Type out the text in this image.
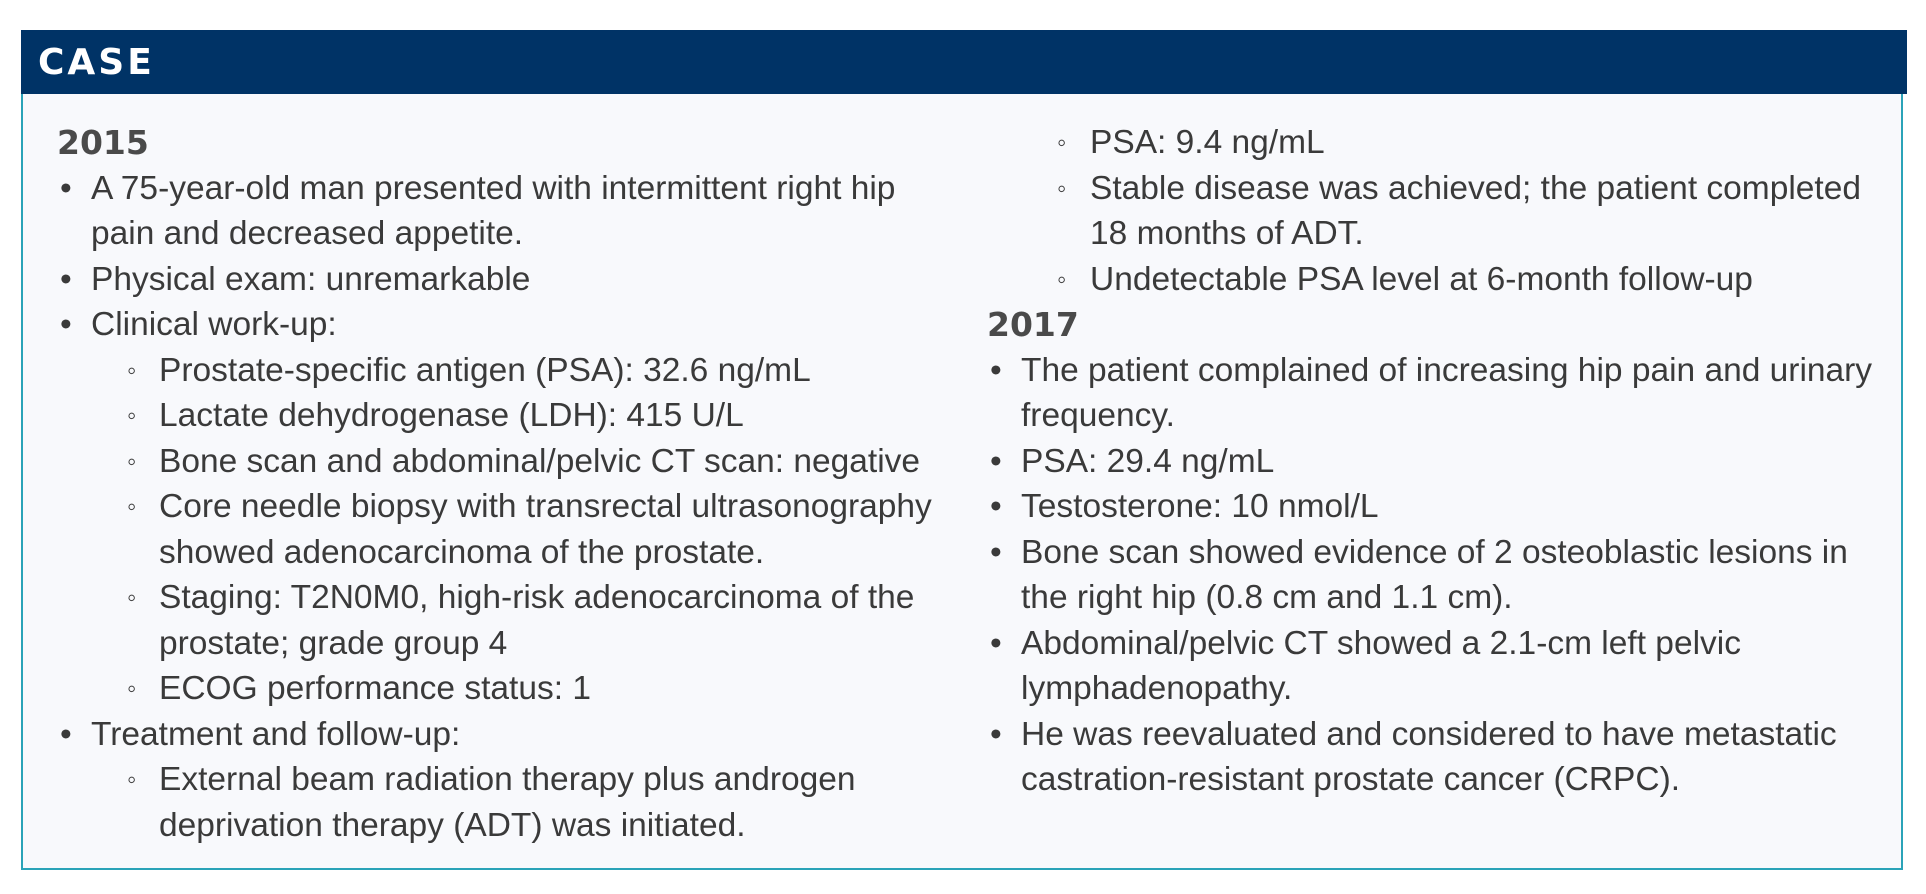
CASE
2015
• A 75-year-old man presented with intermittent right hip pain and decreased appetite.
• Physical exam: unremarkable
• Clinical work-up:
◦ Prostate-specific antigen (PSA): 32.6 ng/mL
◦ Lactate dehydrogenase (LDH): 415 U/L
◦ Bone scan and abdominal/pelvic CT scan: negative
◦ Core needle biopsy with transrectal ultrasonography showed adenocarcinoma of the prostate.
◦ Staging: T2N0M0, high-risk adenocarcinoma of the prostate; grade group 4
◦ ECOG performance status: 1
• Treatment and follow-up:
◦ External beam radiation therapy plus androgen deprivation therapy (ADT) was initiated.
◦ PSA: 9.4 ng/mL
◦ Stable disease was achieved; the patient completed 18 months of ADT.
◦ Undetectable PSA level at 6-month follow-up
2017
• The patient complained of increasing hip pain and urinary frequency.
• PSA: 29.4 ng/mL
• Testosterone: 10 nmol/L
• Bone scan showed evidence of 2 osteoblastic lesions in the right hip (0.8 cm and 1.1 cm).
• Abdominal/pelvic CT showed a 2.1-cm left pelvic lymphadenopathy.
• He was reevaluated and considered to have metastatic castration-resistant prostate cancer (CRPC).
